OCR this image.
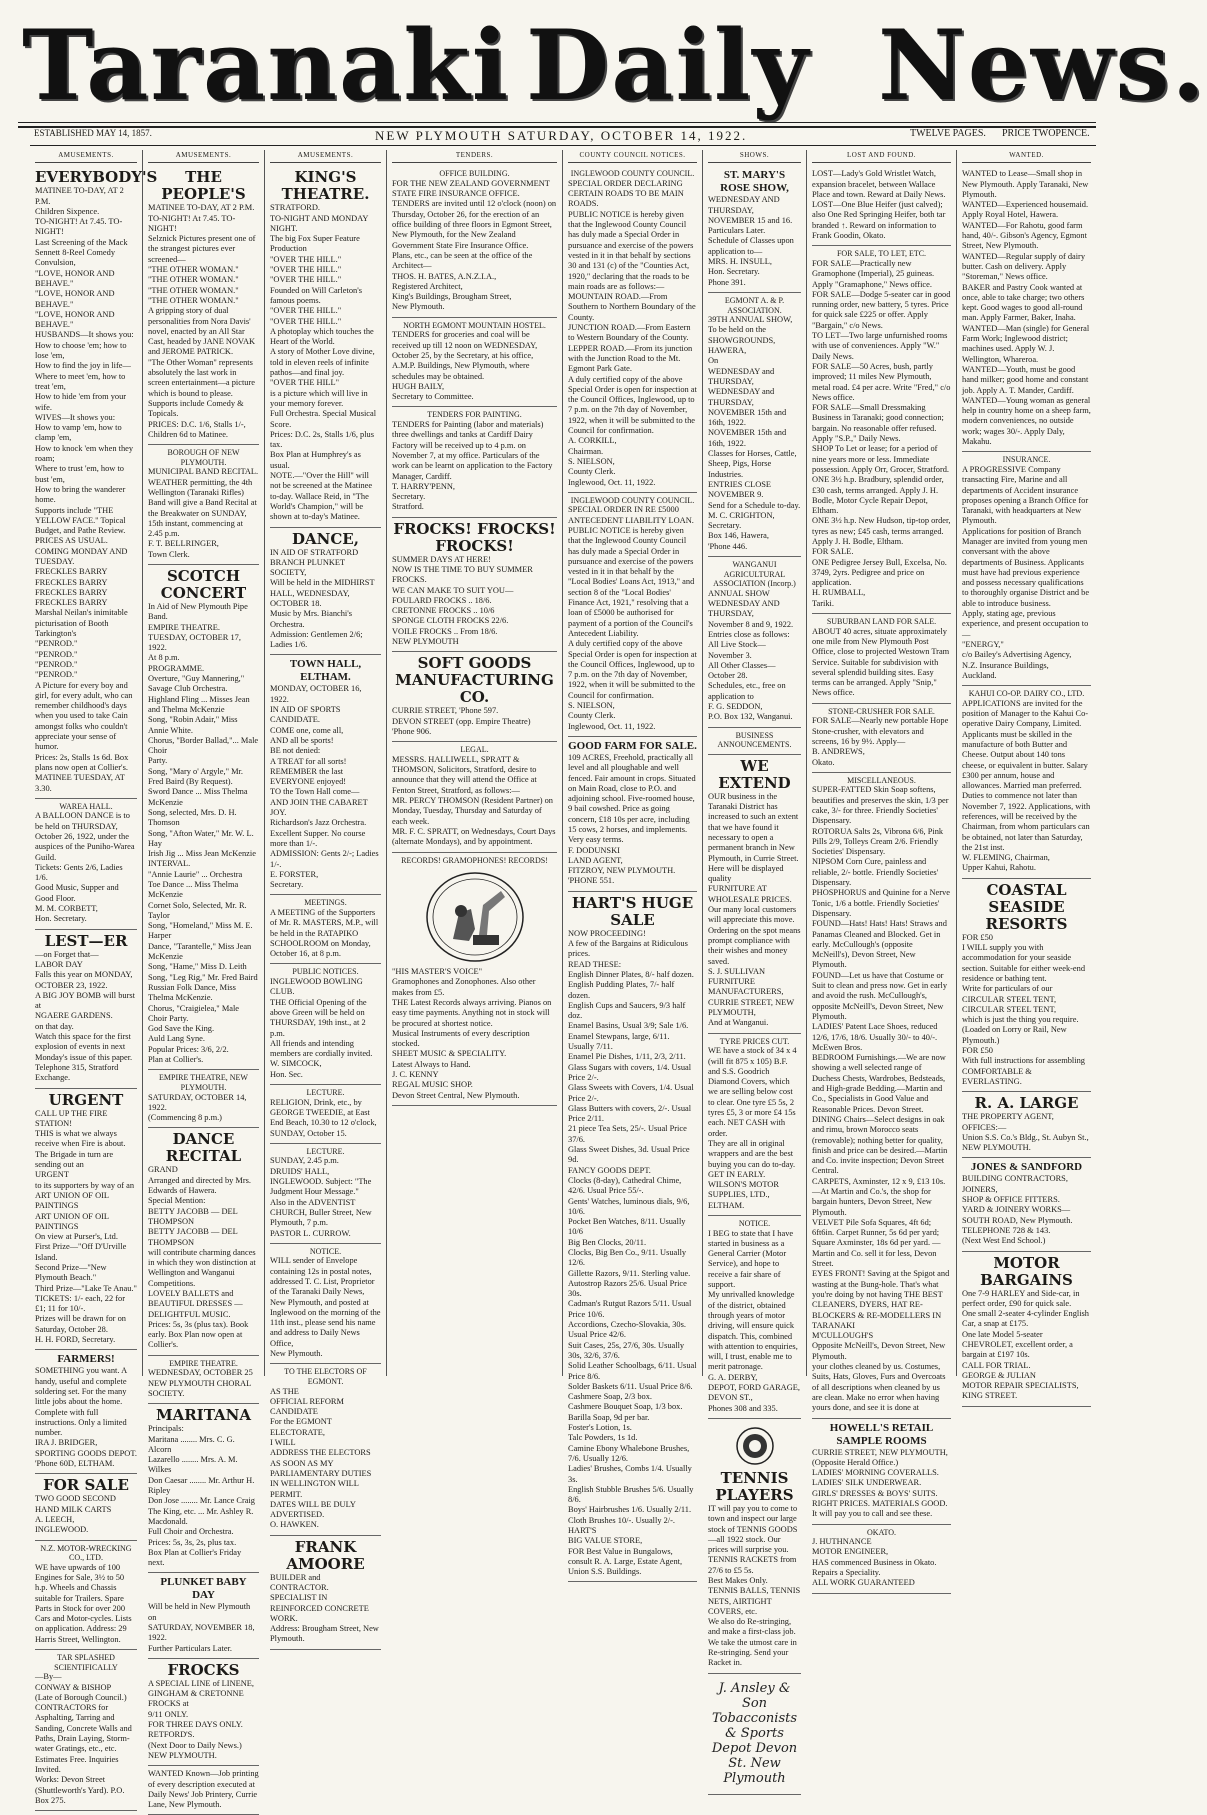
Taranaki Daily News.
ESTABLISHED MAY 14, 1857.	NEW PLYMOUTH SATURDAY, OCTOBER 14, 1922.	TWELVE PAGES. PRICE TWOPENCE.
AMUSEMENTS.
EVERYBODY'S
MATINEE TO-DAY, AT 2 P.M.
Children Sixpence.
TO-NIGHT! At 7.45. TO-NIGHT!
Last Screening of the Mack Sennett 8-Reel Comedy Convulsion,
"LOVE, HONOR AND BEHAVE."
"LOVE, HONOR AND BEHAVE."
"LOVE, HONOR AND BEHAVE."
HUSBANDS—It shows you:
How to choose 'em; how to lose 'em,
How to find the joy in life—
Where to meet 'em, how to treat 'em,
How to hide 'em from your wife.
WIVES—It shows you:
How to vamp 'em, how to clamp 'em,
How to knock 'em when they roam;
Where to trust 'em, how to bust 'em,
How to bring the wanderer home.
Supports include "THE YELLOW FACE." Topical Budget, and Pathe Review.
PRICES AS USUAL.
COMING MONDAY AND TUESDAY.
FRECKLES BARRY
FRECKLES BARRY
FRECKLES BARRY
FRECKLES BARRY
Marshal Neilan's inimitable picturisation of Booth Tarkington's
"PENROD."
"PENROD."
"PENROD."
"PENROD."
A Picture for every boy and girl, for every adult, who can remember childhood's days when you used to take Cain amongst folks who couldn't appreciate your sense of humor.
Prices: 2s, Stalls 1s 6d. Box plans now open at Collier's.
MATINEE TUESDAY, AT 3.30.
WAREA HALL.
A BALLOON DANCE is to be held on THURSDAY, October 26, 1922, under the auspices of the Puniho-Warea Guild.
Tickets: Gents 2/6, Ladies 1/6.
Good Music, Supper and Good Floor.
M. M. CORBETT,
Hon. Secretary.
LEST—ER
—on Forget that—
LABOR DAY
Falls this year on MONDAY, OCTOBER 23, 1922.
A BIG JOY BOMB will burst at
NGAERE GARDENS.
on that day.
Watch this space for the first explosion of events in next Monday's issue of this paper.
Telephone 315, Stratford Exchange.
URGENT
CALL UP THE FIRE STATION!
THIS is what we always receive when Fire is about.
The Brigade in turn are sending out an
URGENT
to its supporters by way of an
ART UNION OF OIL PAINTINGS
ART UNION OF OIL PAINTINGS
On view at Purser's, Ltd.
First Prize—"Off D'Urville Island.
Second Prize—"New Plymouth Beach."
Third Prize—"Lake Te Anau."
TICKETS: 1/- each, 22 for £1; 11 for 10/-.
Prizes will be drawn for on Saturday, October 28.
H. H. FORD, Secretary.
FARMERS!
SOMETHING you want. A handy, useful and complete soldering set. For the many little jobs about the home. Complete with full instructions. Only a limited number.
IRA J. BRIDGER,
SPORTING GOODS DEPOT.
'Phone 60D, ELTHAM.
FOR SALE
TWO GOOD SECOND HAND MILK CARTS
A. LEECH,
INGLEWOOD.
N.Z. MOTOR-WRECKING CO., LTD.
WE have upwards of 100 Engines for Sale, 3½ to 50 h.p. Wheels and Chassis suitable for Trailers. Spare Parts in Stock for over 200 Cars and Motor-cycles. Lists on application. Address: 29 Harris Street, Wellington.
TAR SPLASHED SCIENTIFICALLY
—By—
CONWAY & BISHOP
(Late of Borough Council.)
CONTRACTORS for Asphalting, Tarring and Sanding, Concrete Walls and Paths, Drain Laying, Storm-water Gratings, etc., etc.
Estimates Free. Inquiries Invited.
Works: Devon Street (Shuttleworth's Yard). P.O. Box 275.
AMUSEMENTS.
THE PEOPLE'S
MATINEE TO-DAY, AT 2 P.M.
TO-NIGHT! At 7.45. TO-NIGHT!
Selznick Pictures present one of the strangest pictures ever screened—
"THE OTHER WOMAN."
"THE OTHER WOMAN."
"THE OTHER WOMAN."
"THE OTHER WOMAN."
A gripping story of dual personalities from Nora Davis' novel, enacted by an All Star Cast, headed by JANE NOVAK and JEROME PATRICK.
"The Other Woman" represents absolutely the last work in screen entertainment—a picture which is bound to please.
Supports include Comedy & Topicals.
PRICES: D.C. 1/6, Stalls 1/-, Children 6d to Matinee.
BOROUGH OF NEW PLYMOUTH.
MUNICIPAL BAND RECITAL.
WEATHER permitting, the 4th Wellington (Taranaki Rifles) Band will give a Band Recital at the Breakwater on SUNDAY, 15th instant, commencing at 2.45 p.m.
F. T. BELLRINGER,
Town Clerk.
SCOTCH CONCERT
In Aid of New Plymouth Pipe Band.
EMPIRE THEATRE.
TUESDAY, OCTOBER 17, 1922.
At 8 p.m.
PROGRAMME.
Overture, "Guy Mannering," Savage Club Orchestra.
Highland Fling ... Misses Jean and Thelma McKenzie
Song, "Robin Adair," Miss Annie White.
Chorus, "Border Ballad,"... Male Choir
Party.
Song, "Mary o' Argyle," Mr. Fred Baird (By Request).
Sword Dance ... Miss Thelma McKenzie
Song, selected, Mrs. D. H. Thomson
Song, "Afton Water," Mr. W. L. Hay
Irish Jig ... Miss Jean McKenzie
INTERVAL.
"Annie Laurie" ... Orchestra
Toe Dance ... Miss Thelma McKenzie
Cornet Solo, Selected, Mr. R. Taylor
Song, "Homeland," Miss M. E. Harper
Dance, "Tarantelle," Miss Jean McKenzie
Song, "Hame," Miss D. Leith
Song, "Leg Rig," Mr. Fred Baird
Russian Folk Dance, Miss Thelma McKenzie.
Chorus, "Craigielea," Male Choir Party.
God Save the King.
Auld Lang Syne.
Popular Prices: 3/6, 2/2.
Plan at Collier's.
EMPIRE THEATRE, NEW PLYMOUTH.
SATURDAY, OCTOBER 14, 1922.
(Commencing 8 p.m.)
DANCE RECITAL
GRAND
Arranged and directed by Mrs. Edwards of Hawera.
Special Mention:
BETTY JACOBB — DEL THOMPSON
BETTY JACOBB — DEL THOMPSON
will contribute charming dances in which they won distinction at Wellington and Wanganui Competitions.
LOVELY BALLETS and BEAUTIFUL DRESSES — DELIGHTFUL MUSIC.
Prices: 5s, 3s (plus tax). Book early. Box Plan now open at Collier's.
EMPIRE THEATRE.
WEDNESDAY, OCTOBER 25
NEW PLYMOUTH CHORAL SOCIETY.
MARITANA
Principals:
Maritana ........ Mrs. C. G. Alcorn
Lazarello ........ Mrs. A. M. Wilkes
Don Caesar ........ Mr. Arthur H. Ripley
Don Jose ........ Mr. Lance Craig
The King, etc. ... Mr. Ashley R. Macdonald.
Full Choir and Orchestra.
Prices: 5s, 3s, 2s, plus tax.
Box Plan at Collier's Friday next.
PLUNKET BABY DAY
Will be held in New Plymouth on
SATURDAY, NOVEMBER 18, 1922.
Further Particulars Later.
FROCKS
A SPECIAL LINE of LINENE, GINGHAM & CRETONNE FROCKS at
9/11 ONLY.
FOR THREE DAYS ONLY.
RETFORD'S.
(Next Door to Daily News.)
NEW PLYMOUTH.
WANTED Known—Job printing of every description executed at Daily News' Job Printery, Currie Lane, New Plymouth.
AMUSEMENTS.
KING'S THEATRE.
STRATFORD.
TO-NIGHT AND MONDAY NIGHT.
The big Fox Super Feature Production
"OVER THE HILL."
"OVER THE HILL."
"OVER THE HILL."
Founded on Will Carleton's famous poems.
"OVER THE HILL."
"OVER THE HILL."
A photoplay which touches the Heart of the World.
A story of Mother Love divine, told in eleven reels of infinite pathos—and final joy.
"OVER THE HILL"
is a picture which will live in your memory forever.
Full Orchestra. Special Musical Score.
Prices: D.C. 2s, Stalls 1/6, plus tax.
Box Plan at Humphrey's as usual.
NOTE.—"Over the Hill" will not be screened at the Matinee to-day. Wallace Reid, in "The World's Champion," will be shown at to-day's Matinee.
DANCE,
IN AID OF STRATFORD BRANCH PLUNKET SOCIETY,
Will be held in the MIDHIRST HALL, WEDNESDAY, OCTOBER 18.
Music by Mrs. Bianchi's Orchestra.
Admission: Gentlemen 2/6; Ladies 1/6.
TOWN HALL, ELTHAM.
MONDAY, OCTOBER 16, 1922.
IN AID OF SPORTS CANDIDATE.
COME one, come all,
AND all be sports!
BE not denied:
A TREAT for all sorts!
REMEMBER the last
EVERYONE enjoyed!
TO the Town Hall come—
AND JOIN THE CABARET JOY.
Richardson's Jazz Orchestra. Excellent Supper. No course more than 1/-.
ADMISSION: Gents 2/-; Ladies 1/-.
E. FORSTER,
Secretary.
MEETINGS.
A MEETING of the Supporters of Mr. R. MASTERS, M.P., will be held in the RATAPIKO SCHOOLROOM on Monday, October 16, at 8 p.m.
PUBLIC NOTICES.
INGLEWOOD BOWLING CLUB.
THE Official Opening of the above Green will be held on THURSDAY, 19th inst., at 2 p.m.
All friends and intending members are cordially invited.
W. SIMCOCK,
Hon. Sec.
LECTURE.
RELIGION, Drink, etc., by GEORGE TWEEDIE, at East End Beach, 10.30 to 12 o'clock, SUNDAY, October 15.
LECTURE.
SUNDAY, 2.45 p.m.
DRUIDS' HALL, INGLEWOOD. Subject: "The Judgment Hour Message."
Also in the ADVENTIST CHURCH, Buller Street, New Plymouth, 7 p.m.
PASTOR L. CURROW.
NOTICE.
WILL sender of Envelope containing 12s in postal notes, addressed T. C. List, Proprietor of the Taranaki Daily News, New Plymouth, and posted at Inglewood on the morning of the 11th inst., please send his name and address to Daily News Office,
New Plymouth.
TO THE ELECTORS OF EGMONT.
AS THE
OFFICIAL REFORM CANDIDATE
For the EGMONT ELECTORATE,
I WILL
ADDRESS THE ELECTORS
AS SOON AS MY PARLIAMENTARY DUTIES IN WELLINGTON WILL PERMIT.
DATES WILL BE DULY ADVERTISED.
O. HAWKEN.
FRANK AMOORE
BUILDER and CONTRACTOR.
SPECIALIST IN REINFORCED CONCRETE WORK.
Address: Brougham Street, New Plymouth.
TENDERS.
OFFICE BUILDING.
FOR THE NEW ZEALAND GOVERNMENT STATE FIRE INSURANCE OFFICE.
TENDERS are invited until 12 o'clock (noon) on Thursday, October 26, for the erection of an office building of three floors in Egmont Street, New Plymouth, for the New Zealand Government State Fire Insurance Office.
Plans, etc., can be seen at the office of the Architect—
THOS. H. BATES, A.N.Z.I.A.,
Registered Architect,
King's Buildings, Brougham Street,
New Plymouth.
NORTH EGMONT MOUNTAIN HOSTEL.
TENDERS for groceries and coal will be received up till 12 noon on WEDNESDAY, October 25, by the Secretary, at his office, A.M.P. Buildings, New Plymouth, where schedules may be obtained.
HUGH BAILY,
Secretary to Committee.
TENDERS FOR PAINTING.
TENDERS for Painting (labor and materials) three dwellings and tanks at Cardiff Dairy Factory will be received up to 4 p.m. on November 7, at my office. Particulars of the work can be learnt on application to the Factory Manager, Cardiff.
T. HARRY'PENN,
Secretary.
Stratford.
FROCKS! FROCKS! FROCKS!
SUMMER DAYS AT HERE!
NOW IS THE TIME TO BUY SUMMER FROCKS.
WE CAN MAKE TO SUIT YOU—
FOULARD FROCKS .. 18/6.
CRETONNE FROCKS .. 10/6
SPONGE CLOTH FROCKS 22/6.
VOILE FROCKS .. From 18/6.
NEW PLYMOUTH
SOFT GOODS MANUFACTURING CO.
CURRIE STREET, 'Phone 597.
DEVON STREET (opp. Empire Theatre)
'Phone 906.
LEGAL.
MESSRS. HALLIWELL, SPRATT & THOMSON, Solicitors, Stratford, desire to announce that they will attend the Office at Fenton Street, Stratford, as follows:—
MR. PERCY THOMSON (Resident Partner) on Monday, Tuesday, Thursday and Saturday of each week.
MR. F. C. SPRATT, on Wednesdays, Court Days (alternate Mondays), and by appointment.
RECORDS! GRAMOPHONES! RECORDS!
"HIS MASTER'S VOICE"
Gramophones and Zonophones. Also other makes from £5.
THE Latest Records always arriving. Pianos on easy time payments. Anything not in stock will be procured at shortest notice.
Musical Instruments of every description stocked.
SHEET MUSIC & SPECIALITY.
Latest Always to Hand.
J. C. KENNY
REGAL MUSIC SHOP.
Devon Street Central, New Plymouth.
COUNTY COUNCIL NOTICES.
INGLEWOOD COUNTY COUNCIL.
SPECIAL ORDER DECLARING CERTAIN ROADS TO BE MAIN ROADS.
PUBLIC NOTICE is hereby given that the Inglewood County Council has duly made a Special Order in pursuance and exercise of the powers vested in it in that behalf by sections 30 and 131 (c) of the "Counties Act, 1920," declaring that the roads to be main roads are as follows:—
MOUNTAIN ROAD.—From Southern to Northern Boundary of the County.
JUNCTION ROAD.—From Eastern to Western Boundary of the County.
LEPPER ROAD.—From its junction with the Junction Road to the Mt. Egmont Park Gate.
A duly certified copy of the above Special Order is open for inspection at the Council Offices, Inglewood, up to 7 p.m. on the 7th day of November, 1922, when it will be submitted to the Council for confirmation.
A. CORKILL,
Chairman.
S. NIELSON,
County Clerk.
Inglewood, Oct. 11, 1922.
INGLEWOOD COUNTY COUNCIL.
SPECIAL ORDER IN RE £5000 ANTECEDENT LIABILITY LOAN.
PUBLIC NOTICE is hereby given that the Inglewood County Council has duly made a Special Order in pursuance and exercise of the powers vested in it in that behalf by the "Local Bodies' Loans Act, 1913," and section 8 of the "Local Bodies' Finance Act, 1921," resolving that a loan of £5000 be authorised for payment of a portion of the Council's Antecedent Liability.
A duly certified copy of the above Special Order is open for inspection at the Council Offices, Inglewood, up to 7 p.m. on the 7th day of November, 1922, when it will be submitted to the Council for confirmation.
S. NIELSON,
County Clerk.
Inglewood, Oct. 11, 1922.
GOOD FARM FOR SALE.
109 ACRES, Freehold, practically all level and all ploughable and well fenced. Fair amount in crops. Situated on Main Road, close to P.O. and adjoining school. Five-roomed house, 9 bail cowshed. Price as going concern, £18 10s per acre, including 15 cows, 2 horses, and implements. Very easy terms.
F. DODUNSKI
LAND AGENT,
FITZROY, NEW PLYMOUTH.
'PHONE 551.
HART'S HUGE SALE
NOW PROCEEDING!
A few of the Bargains at Ridiculous prices.
READ THESE:
English Dinner Plates, 8/- half dozen.
English Pudding Plates, 7/- half dozen.
English Cups and Saucers, 9/3 half doz.
Enamel Basins, Usual 3/9; Sale 1/6.
Enamel Stewpans, large, 6/11. Usually 7/11.
Enamel Pie Dishes, 1/11, 2/3, 2/11.
Glass Sugars with covers, 1/4. Usual Price 2/-.
Glass Sweets with Covers, 1/4. Usual Price 2/-.
Glass Butters with covers, 2/-. Usual Price 2/11.
21 piece Tea Sets, 25/-. Usual Price 37/6.
Glass Sweet Dishes, 3d. Usual Price 9d.
FANCY GOODS DEPT.
Clocks (8-day), Cathedral Chime, 42/6. Usual Price 55/-.
Gents' Watches, luminous dials, 9/6, 10/6.
Pocket Ben Watches, 8/11. Usually 10/6
Big Ben Clocks, 20/11.
Clocks, Big Ben Co., 9/11. Usually 12/6.
Gillette Razors, 9/11. Sterling value.
Autostrop Razors 25/6. Usual Price 30s.
Cadman's Rutgut Razors 5/11. Usual Price 10/6.
Accordions, Czecho-Slovakia, 30s. Usual Price 42/6.
Suit Cases, 25s, 27/6, 30s. Usually 30s, 32/6, 37/6.
Solid Leather Schoolbags, 6/11. Usual Price 8/6.
Solder Baskets 6/11. Usual Price 8/6.
Cashmere Soap, 2/3 box.
Cashmere Bouquet Soap, 1/3 box.
Barilla Soap, 9d per bar.
Foster's Lotion, 1s.
Talc Powders, 1s 1d.
Camine Ebony Whalebone Brushes, 7/6. Usually 12/6.
Ladies' Brushes, Combs 1/4. Usually 3s.
English Stubble Brushes 5/6. Usually 8/6.
Boys' Hairbrushes 1/6. Usually 2/11.
Cloth Brushes 10/-. Usually 2/-.
HART'S
BIG VALUE STORE,
FOR Best Value in Bungalows, consult R. A. Large, Estate Agent, Union S.S. Buildings.
SHOWS.
ST. MARY'S ROSE SHOW,
WEDNESDAY AND THURSDAY, NOVEMBER 15 and 16.
Particulars Later.
Schedule of Classes upon application to—
MRS. H. INSULL,
Hon. Secretary.
Phone 391.
EGMONT A. & P. ASSOCIATION.
39TH ANNUAL SHOW,
To be held on the SHOWGROUNDS, HAWERA,
On
WEDNESDAY and THURSDAY,
WEDNESDAY and THURSDAY,
NOVEMBER 15th and 16th, 1922.
NOVEMBER 15th and 16th, 1922.
Classes for Horses, Cattle, Sheep, Pigs, Horse Industries.
ENTRIES CLOSE NOVEMBER 9.
Send for a Schedule to-day.
M. C. CRIGHTON,
Secretary.
Box 146, Hawera,
'Phone 446.
WANGANUI AGRICULTURAL ASSOCIATION (Incorp.)
ANNUAL SHOW
WEDNESDAY AND THURSDAY,
November 8 and 9, 1922.
Entries close as follows:
All Live Stock—November 3.
All Other Classes—October 28.
Schedules, etc., free on application to
F. G. SEDDON,
P.O. Box 132, Wanganui.
BUSINESS ANNOUNCEMENTS.
WE EXTEND
OUR business in the Taranaki District has increased to such an extent that we have found it necessary to open a permanent branch in New Plymouth, in Currie Street. Here will be displayed quality
FURNITURE AT WHOLESALE PRICES.
Our many local customers will appreciate this move. Ordering on the spot means prompt compliance with their wishes and money saved.
S. J. SULLIVAN
FURNITURE MANUFACTURERS,
CURRIE STREET, NEW PLYMOUTH,
And at Wanganui.
TYRE PRICES CUT.
WE have a stock of 34 x 4 (will fit 875 x 105) B.F. and S.S. Goodrich Diamond Covers, which we are selling below cost to clear. One tyre £5 5s, 2 tyres £5, 3 or more £4 15s each. NET CASH with order.
They are all in original wrappers and are the best buying you can do to-day.
GET IN EARLY.
WILSON'S MOTOR SUPPLIES, LTD., ELTHAM.
NOTICE.
I BEG to state that I have started in business as a General Carrier (Motor Service), and hope to receive a fair share of support.
My unrivalled knowledge of the district, obtained through years of motor driving, will ensure quick dispatch. This, combined with attention to enquiries, will, I trust, enable me to merit patronage.
G. A. DERBY,
DEPOT, FORD GARAGE, DEVON ST.,
Phones 308 and 335.
TENNIS PLAYERS
IT will pay you to come to town and inspect our large stock of TENNIS GOODS—all 1922 stock. Our prices will surprise you.
TENNIS RACKETS from 27/6 to £5 5s.
Best Makes Only.
TENNIS BALLS, TENNIS NETS, AIRTIGHT COVERS, etc.
We also do Re-stringing, and make a first-class job.
We take the utmost care in Re-stringing. Send your Racket in.
J. Ansley & Son Tobacconists & Sports Depot Devon St. New Plymouth
LOST AND FOUND.
LOST—Lady's Gold Wristlet Watch, expansion bracelet, between Wallace Place and town. Reward at Daily News.
LOST—One Blue Heifer (just calved); also One Red Springing Heifer, both tar branded ↑. Reward on information to Frank Goodin, Okato.
FOR SALE, TO LET, ETC.
FOR SALE—Practically new Gramophone (Imperial), 25 guineas. Apply "Gramaphone," News office.
FOR SALE—Dodge 5-seater car in good running order, new battery, 5 tyres. Price for quick sale £225 or offer. Apply "Bargain," c/o News.
TO LET—Two large unfurnished rooms with use of conveniences. Apply "W." Daily News.
FOR SALE—50 Acres, bush, partly improved; 11 miles New Plymouth, metal road. £4 per acre. Write "Fred," c/o News office.
FOR SALE—Small Dressmaking Business in Taranaki; good connection; bargain. No reasonable offer refused. Apply "S.P.," Daily News.
SHOP To Let or lease; for a period of nine years more or less. Immediate possession. Apply Orr, Grocer, Stratford.
ONE 3½ h.p. Bradbury, splendid order, £30 cash, terms arranged. Apply J. H. Bodle, Motor Cycle Repair Depot, Eltham.
ONE 3½ h.p. New Hudson, tip-top order, tyres as new; £45 cash, terms arranged. Apply J. H. Bodle, Eltham.
FOR SALE.
ONE Pedigree Jersey Bull, Excelsa, No. 3749, 2yrs. Pedigree and price on application.
H. RUMBALL,
Tariki.
SUBURBAN LAND FOR SALE.
ABOUT 40 acres, situate approximately one mile from New Plymouth Post Office, close to projected Westown Tram Service. Suitable for subdivision with several splendid building sites. Easy terms can be arranged. Apply "Snip," News office.
STONE-CRUSHER FOR SALE.
FOR SALE—Nearly new portable Hope Stone-crusher, with elevators and screens, 16 by 9½. Apply—
B. ANDREWS,
Okato.
MISCELLANEOUS.
SUPER-FATTED Skin Soap softens, beautifies and preserves the skin, 1/3 per cake, 3/- for three. Friendly Societies' Dispensary.
ROTORUA Salts 2s, Vibrona 6/6, Pink Pills 2/9, Tolleys Cream 2/6. Friendly Societies' Dispensary.
NIPSOM Corn Cure, painless and reliable, 2/- bottle. Friendly Societies' Dispensary.
PHOSPHORUS and Quinine for a Nerve Tonic, 1/6 a bottle. Friendly Societies' Dispensary.
FOUND—Hats! Hats! Hats! Straws and Panamas Cleaned and Blocked. Get in early. McCullough's (opposite McNeill's), Devon Street, New Plymouth.
FOUND—Let us have that Costume or Suit to clean and press now. Get in early and avoid the rush. McCullough's, opposite McNeill's, Devon Street, New Plymouth.
LADIES' Patent Lace Shoes, reduced 12/6, 17/6, 18/6. Usually 30/- to 40/-. McEwen Bros.
BEDROOM Furnishings.—We are now showing a well selected range of Duchess Chests, Wardrobes, Bedsteads, and High-grade Bedding.—Martin and Co., Specialists in Good Value and Reasonable Prices. Devon Street.
DINING Chairs—Select designs in oak and rimu, brown Morocco seats (removable); nothing better for quality, finish and price can be desired.—Martin and Co. invite inspection; Devon Street Central.
CARPETS, Axminster, 12 x 9, £13 10s. —At Martin and Co.'s, the shop for bargain hunters, Devon Street, New Plymouth.
VELVET Pile Sofa Squares, 4ft 6d; 6ft6in. Carpet Runner, 5s 6d per yard; Square Axminster, 18s 6d per yard. —Martin and Co. sell it for less, Devon Street.
EYES FRONT! Saving at the Spigot and wasting at the Bung-hole. That's what you're doing by not having THE BEST CLEANERS, DYERS, HAT RE-BLOCKERS & RE-MODELLERS IN TARANAKI
M'CULLOUGH'S
Opposite McNeill's, Devon Street, New Plymouth.
your clothes cleaned by us. Costumes, Suits, Hats, Gloves, Furs and Overcoats of all descriptions when cleaned by us are clean. Make no error when having yours done, and see it is done at
HOWELL'S RETAIL SAMPLE ROOMS
CURRIE STREET, NEW PLYMOUTH,
(Opposite Herald Office.)
LADIES' MORNING COVERALLS.
LADIES' SILK UNDERWEAR.
GIRLS' DRESSES & BOYS' SUITS.
RIGHT PRICES. MATERIALS GOOD.
It will pay you to call and see these.
OKATO.
J. HUTHNANCE
MOTOR ENGINEER,
HAS commenced Business in Okato.
Repairs a Speciality.
ALL WORK GUARANTEED
WANTED.
WANTED to Lease—Small shop in New Plymouth. Apply Taranaki, New Plymouth.
WANTED—Experienced housemaid. Apply Royal Hotel, Hawera.
WANTED—For Rahotu, good farm hand, 40/-. Gibson's Agency, Egmont Street, New Plymouth.
WANTED—Regular supply of dairy butter. Cash on delivery. Apply "Storeman," News office.
BAKER and Pastry Cook wanted at once, able to take charge; two others kept. Good wages to good all-round man. Apply Farmer, Baker, Inaha.
WANTED—Man (single) for General Farm Work; Inglewood district; machines used. Apply W. J. Wellington, Whareroa.
WANTED—Youth, must be good hand milker; good home and constant job. Apply A. T. Mander, Cardiff.
WANTED—Young woman as general help in country home on a sheep farm, modern conveniences, no outside work; wages 30/-. Apply Daly, Makahu.
INSURANCE.
A PROGRESSIVE Company transacting Fire, Marine and all departments of Accident insurance proposes opening a Branch Office for Taranaki, with headquarters at New Plymouth.
Applications for position of Branch Manager are invited from young men conversant with the above departments of Business. Applicants must have had previous experience and possess necessary qualifications to thoroughly organise District and be able to introduce business.
Apply, stating age, previous experience, and present occupation to—
"ENERGY,"
c/o Bailey's Advertising Agency,
N.Z. Insurance Buildings,
Auckland.
KAHUI CO-OP. DAIRY CO., LTD.
APPLICATIONS are invited for the position of Manager to the Kahui Co-operative Dairy Company, Limited. Applicants must be skilled in the manufacture of both Butter and Cheese. Output about 140 tons cheese, or equivalent in butter. Salary £300 per annum, house and allowances. Married man preferred. Duties to commence not later than November 7, 1922. Applications, with references, will be received by the Chairman, from whom particulars can be obtained, not later than Saturday, the 21st inst.
W. FLEMING, Chairman,
Upper Kahui, Rahotu.
COASTAL SEASIDE RESORTS
FOR £50
I WILL supply you with accommodation for your seaside section. Suitable for either week-end residence or bathing tent.
Write for particulars of our
CIRCULAR STEEL TENT,
CIRCULAR STEEL TENT,
which is just the thing you require.
(Loaded on Lorry or Rail, New Plymouth.)
FOR £50
With full instructions for assembling
COMFORTABLE & EVERLASTING.
R. A. LARGE
THE PROPERTY AGENT,
OFFICES:—
Union S.S. Co.'s Bldg., St. Aubyn St., NEW PLYMOUTH.
JONES & SANDFORD
BUILDING CONTRACTORS, JOINERS,
SHOP & OFFICE FITTERS.
YARD & JOINERY WORKS—
SOUTH ROAD, New Plymouth.
TELEPHONE 728 & 143.
(Next West End School.)
MOTOR BARGAINS
One 7-9 HARLEY and Side-car, in perfect order, £90 for quick sale.
One small 2-seater 4-cylinder English Car, a snap at £175.
One late Model 5-seater CHEVROLET, excellent order, a bargain at £197 10s.
CALL FOR TRIAL.
GEORGE & JULIAN
MOTOR REPAIR SPECIALISTS,
KING STREET.
